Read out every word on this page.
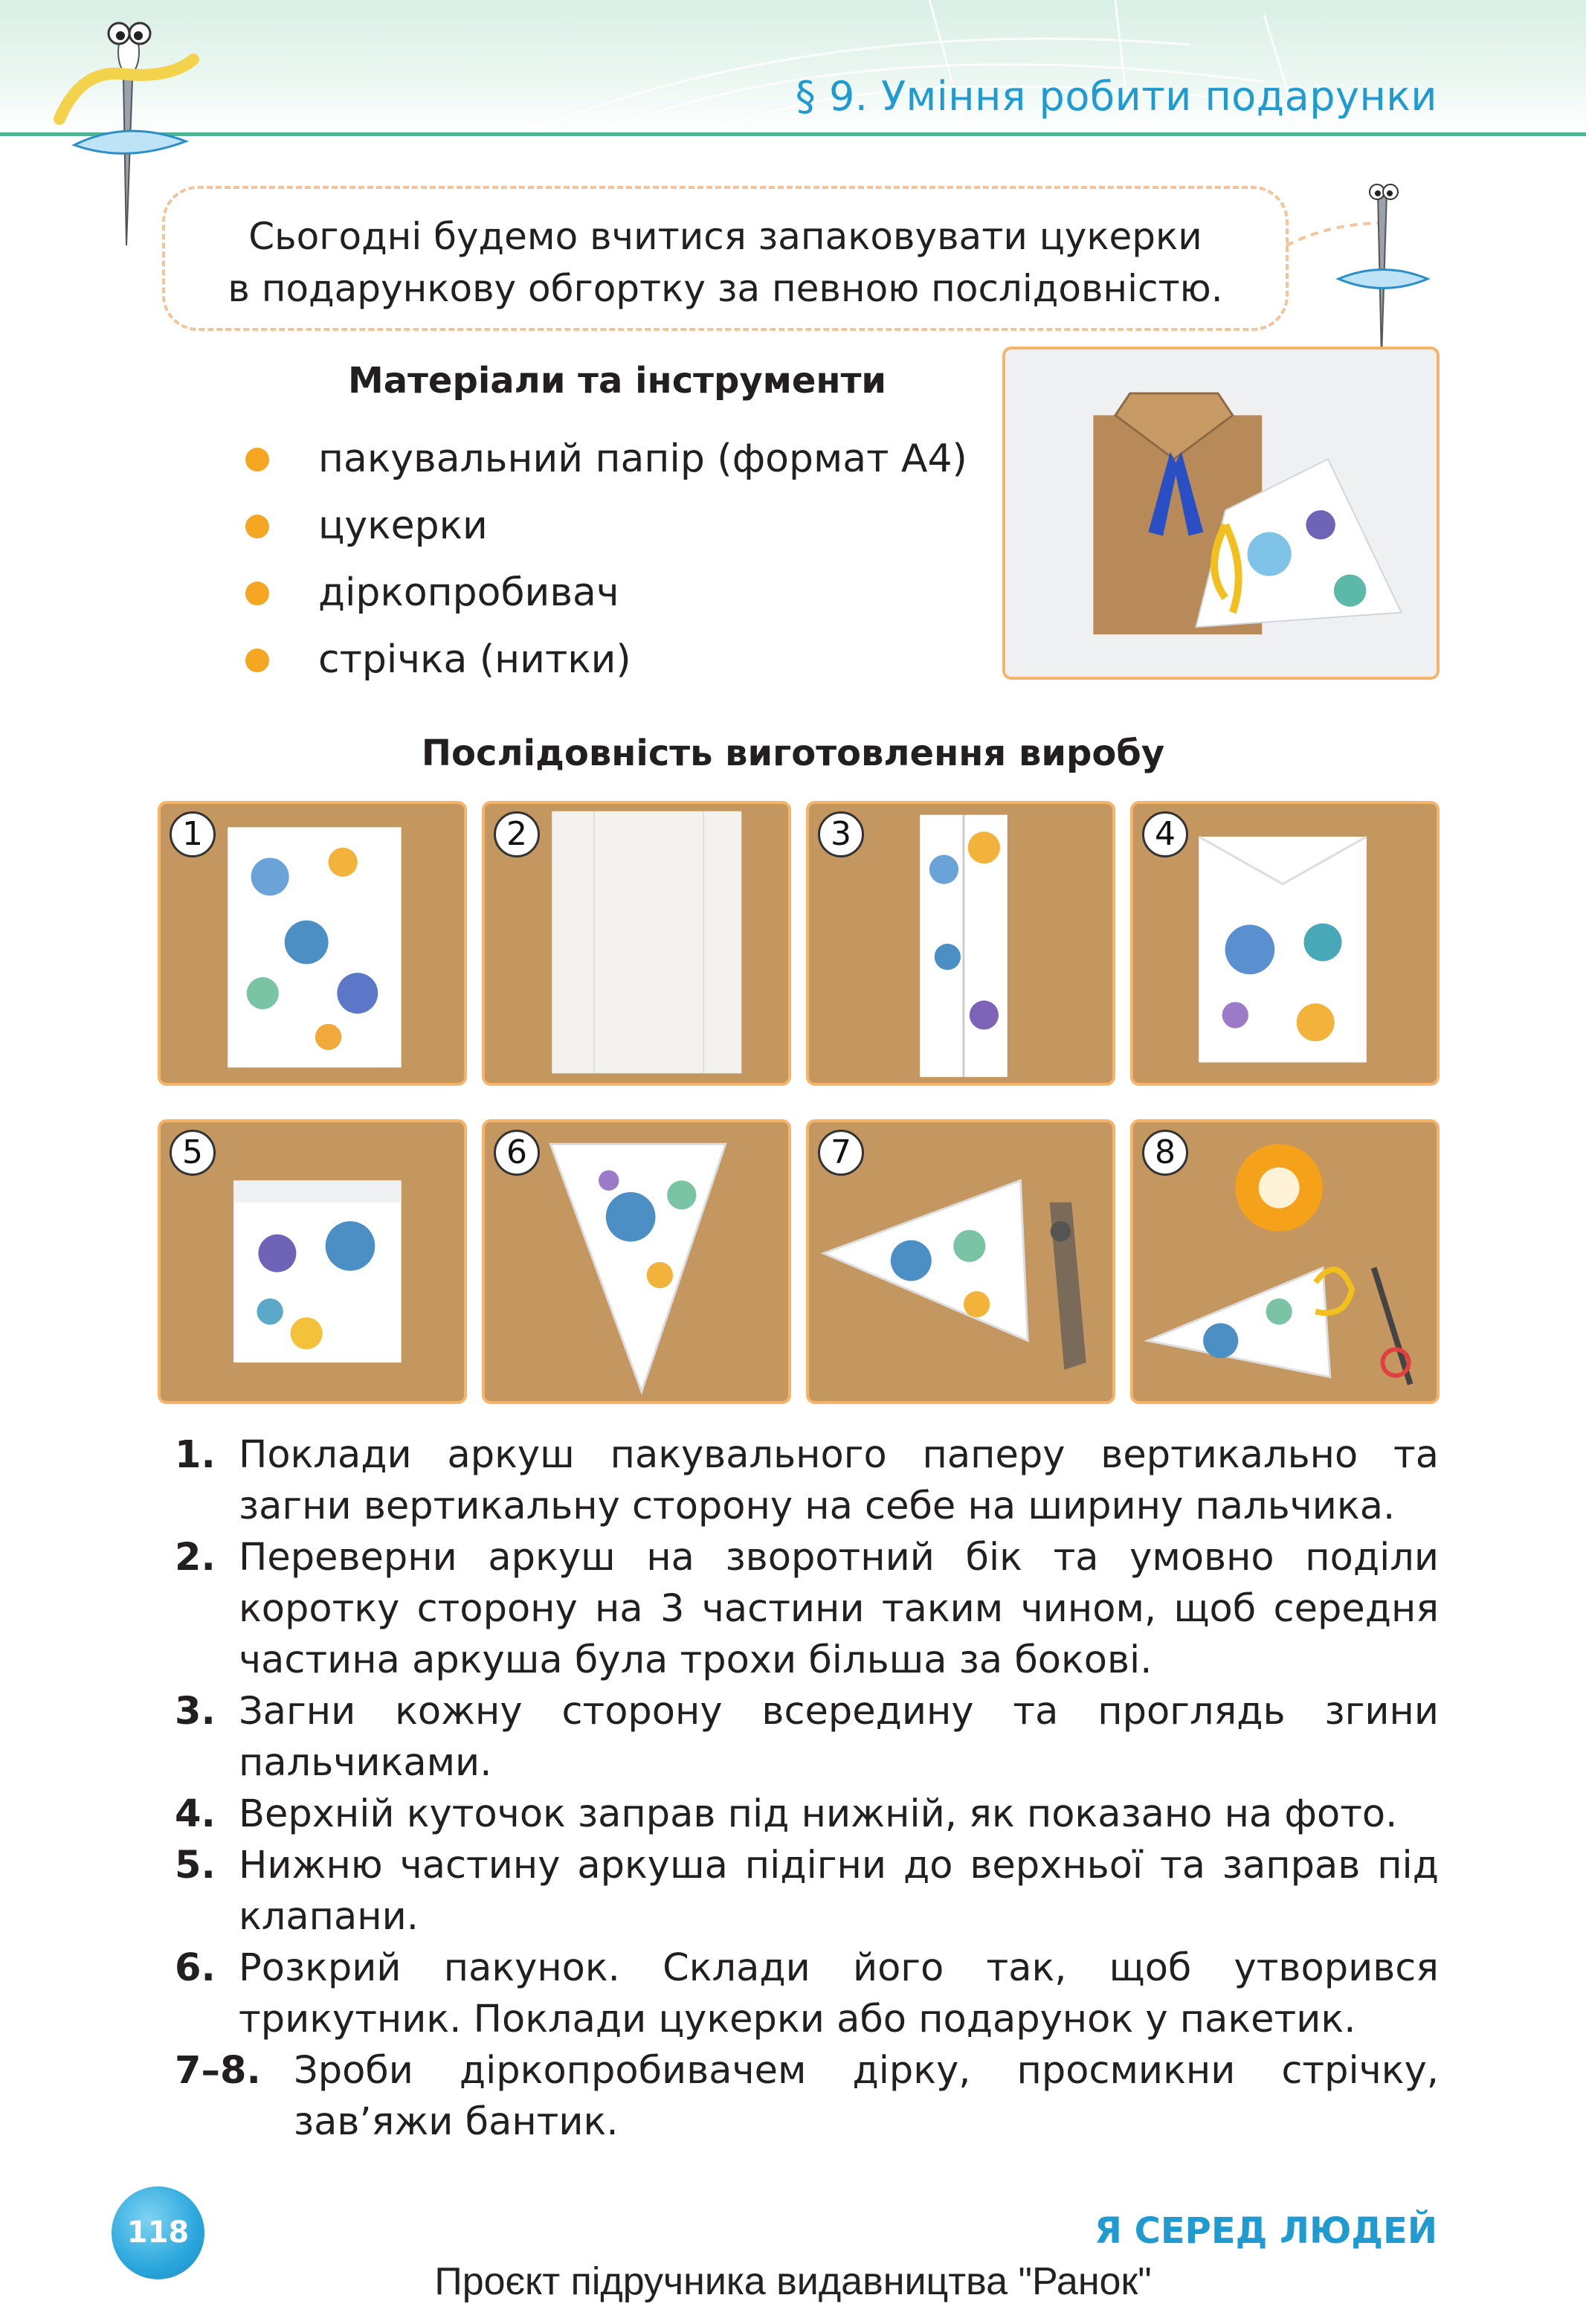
§ 9. Уміння робити подарунки
Сьогодні будемо вчитися запаковувати цукерки
в подарункову обгортку за певною послідовністю.
Матеріали та інструменти
пакувальний папір (формат А4)
цукерки
діркопробивач
стрічка (нитки)
Послідовність виготовлення виробу
1	2	3	4
5	6	7	8
1. Поклади аркуш пакувального паперу вертикально та загни вертикальну сторону на себе на ширину пальчика.
2. Переверни аркуш на зворотний бік та умовно поділи короткy сторону на 3 частини таким чином, щоб середня частина аркуша була трохи більша за бокові.
3. Загни кожну сторону всередину та проглядь згини пальчиками.
4. Верхній куточок заправ під нижній, як показано на фото.
5. Нижню частину аркуша підігни до верхньої та заправ під клапани.
6. Розкрий пакунок. Склади його так, щоб утворився трикутник. Поклади цукерки або подарунок у пакетик.
7–8. Зроби діркопробивачем дірку, просмикни стрічку, зав’яжи бантик.
118	Я СЕРЕД ЛЮДЕЙ
Проєкт підручника видавництва "Ранок"
